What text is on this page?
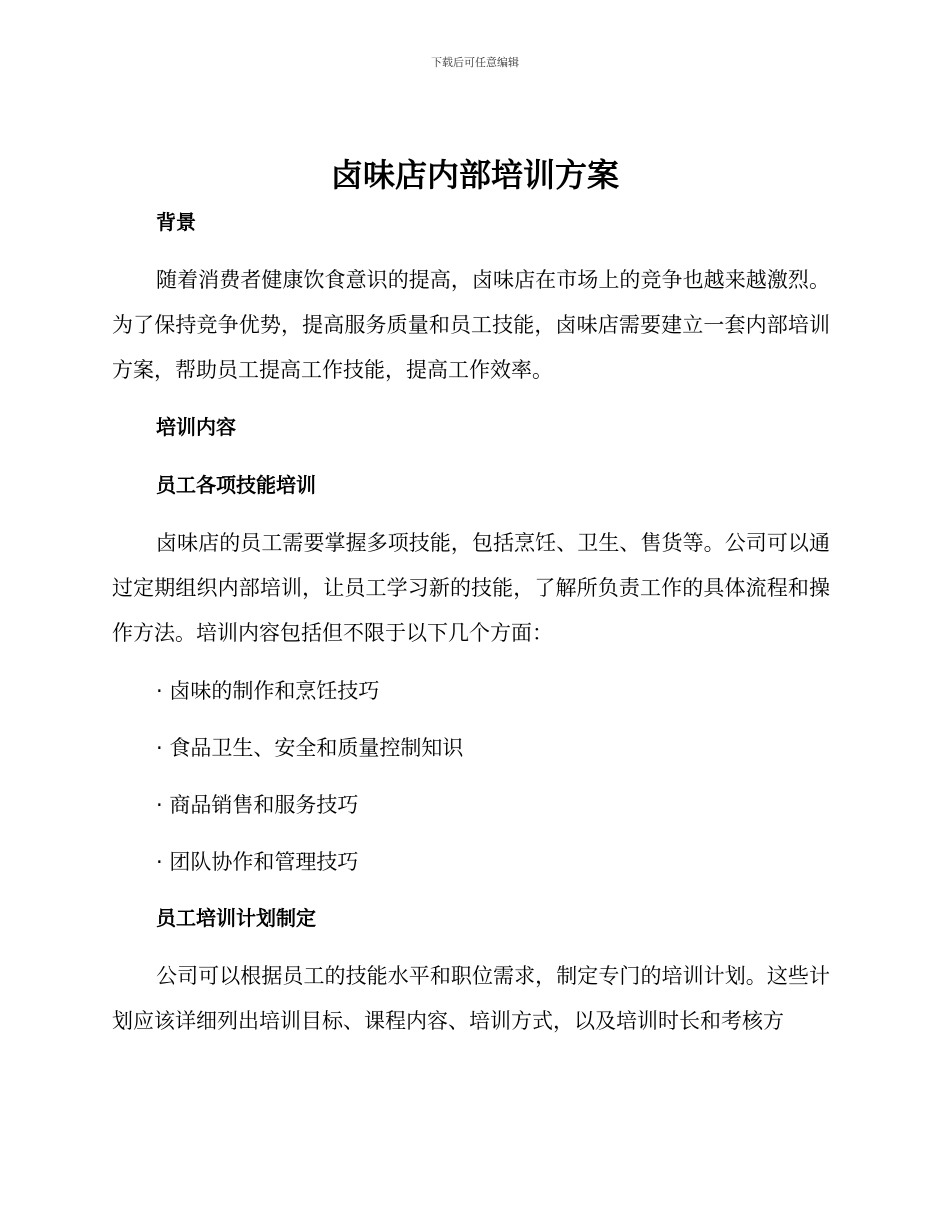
下载后可任意编辑
卤味店内部培训方案

背景

随着消费者健康饮食意识的提高，卤味店在市场上的竞争也越来越激烈。为了保持竞争优势，提高服务质量和员工技能，卤味店需要建立一套内部培训方案，帮助员工提高工作技能，提高工作效率。

培训内容

员工各项技能培训

卤味店的员工需要掌握多项技能，包括烹饪、卫生、售货等。公司可以通过定期组织内部培训，让员工学习新的技能，了解所负责工作的具体流程和操作方法。培训内容包括但不限于以下几个方面：

· 卤味的制作和烹饪技巧

· 食品卫生、安全和质量控制知识

· 商品销售和服务技巧

· 团队协作和管理技巧

员工培训计划制定

公司可以根据员工的技能水平和职位需求，制定专门的培训计划。这些计划应该详细列出培训目标、课程内容、培训方式，以及培训时长和考核方
